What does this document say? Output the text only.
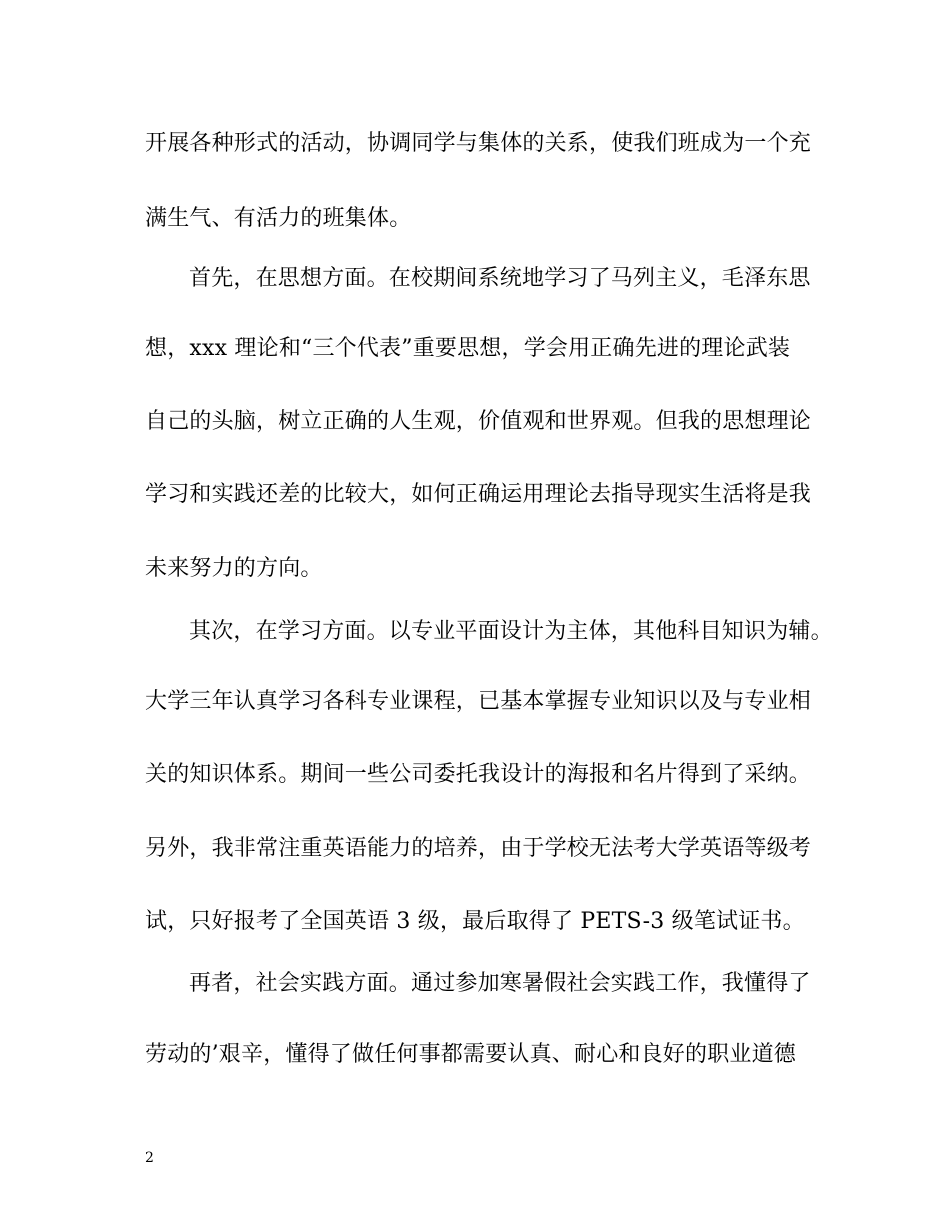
开展各种形式的活动，协调同学与集体的关系，使我们班成为一个充
满生气、有活力的班集体。
首先，在思想方面。在校期间系统地学习了马列主义，毛泽东思
想，xxx 理论和“三个代表”重要思想，学会用正确先进的理论武装
自己的头脑，树立正确的人生观，价值观和世界观。但我的思想理论
学习和实践还差的比较大，如何正确运用理论去指导现实生活将是我
未来努力的方向。
其次，在学习方面。以专业平面设计为主体，其他科目知识为辅。
大学三年认真学习各科专业课程，已基本掌握专业知识以及与专业相
关的知识体系。期间一些公司委托我设计的海报和名片得到了采纳。
另外，我非常注重英语能力的培养，由于学校无法考大学英语等级考
试，只好报考了全国英语 3 级，最后取得了 PETS-3 级笔试证书。
再者，社会实践方面。通过参加寒暑假社会实践工作，我懂得了
劳动的’艰辛，懂得了做任何事都需要认真、耐心和良好的职业道德
2
